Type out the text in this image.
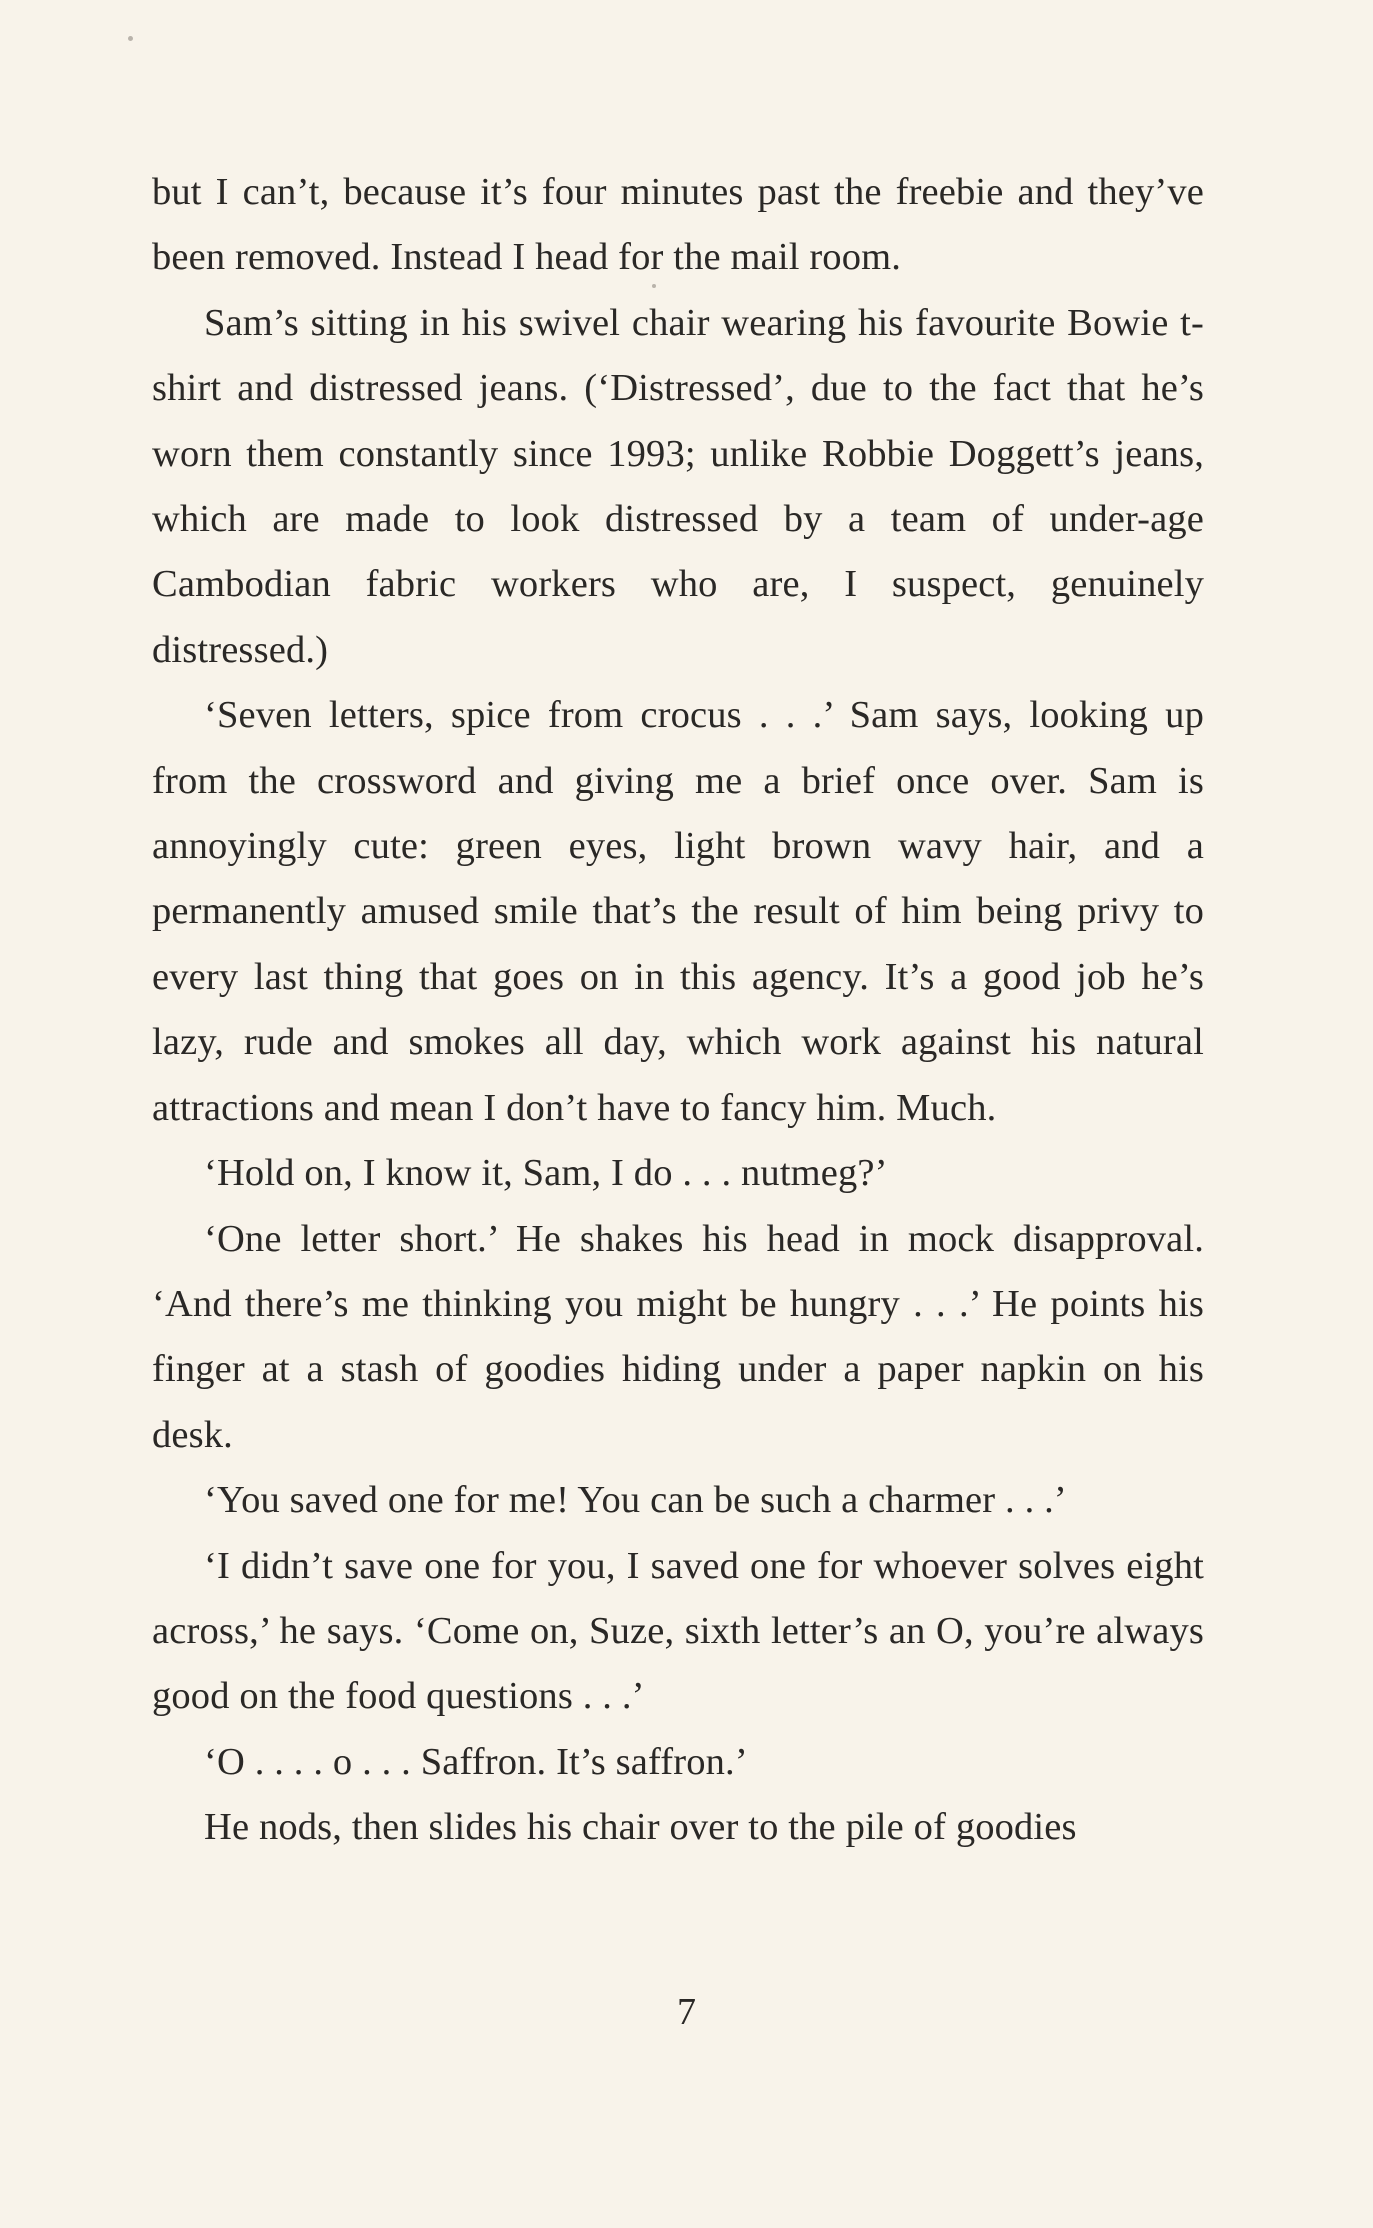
but I can’t, because it’s four minutes past the freebie and they’ve been removed. Instead I head for the mail room.

Sam’s sitting in his swivel chair wearing his favourite Bowie t-shirt and distressed jeans. (‘Distressed’, due to the fact that he’s worn them constantly since 1993; unlike Robbie Doggett’s jeans, which are made to look distressed by a team of under-age Cambodian fabric workers who are, I suspect, genuinely distressed.)

‘Seven letters, spice from crocus . . .’ Sam says, looking up from the crossword and giving me a brief once over. Sam is annoyingly cute: green eyes, light brown wavy hair, and a permanently amused smile that’s the result of him being privy to every last thing that goes on in this agency. It’s a good job he’s lazy, rude and smokes all day, which work against his natural attractions and mean I don’t have to fancy him. Much.

‘Hold on, I know it, Sam, I do . . . nutmeg?’

‘One letter short.’ He shakes his head in mock disapproval. ‘And there’s me thinking you might be hungry . . .’ He points his finger at a stash of goodies hiding under a paper napkin on his desk.

‘You saved one for me! You can be such a charmer . . .’

‘I didn’t save one for you, I saved one for whoever solves eight across,’ he says. ‘Come on, Suze, sixth letter’s an O, you’re always good on the food questions . . .’

‘O . . . . o . . . Saffron. It’s saffron.’

He nods, then slides his chair over to the pile of goodies

7
